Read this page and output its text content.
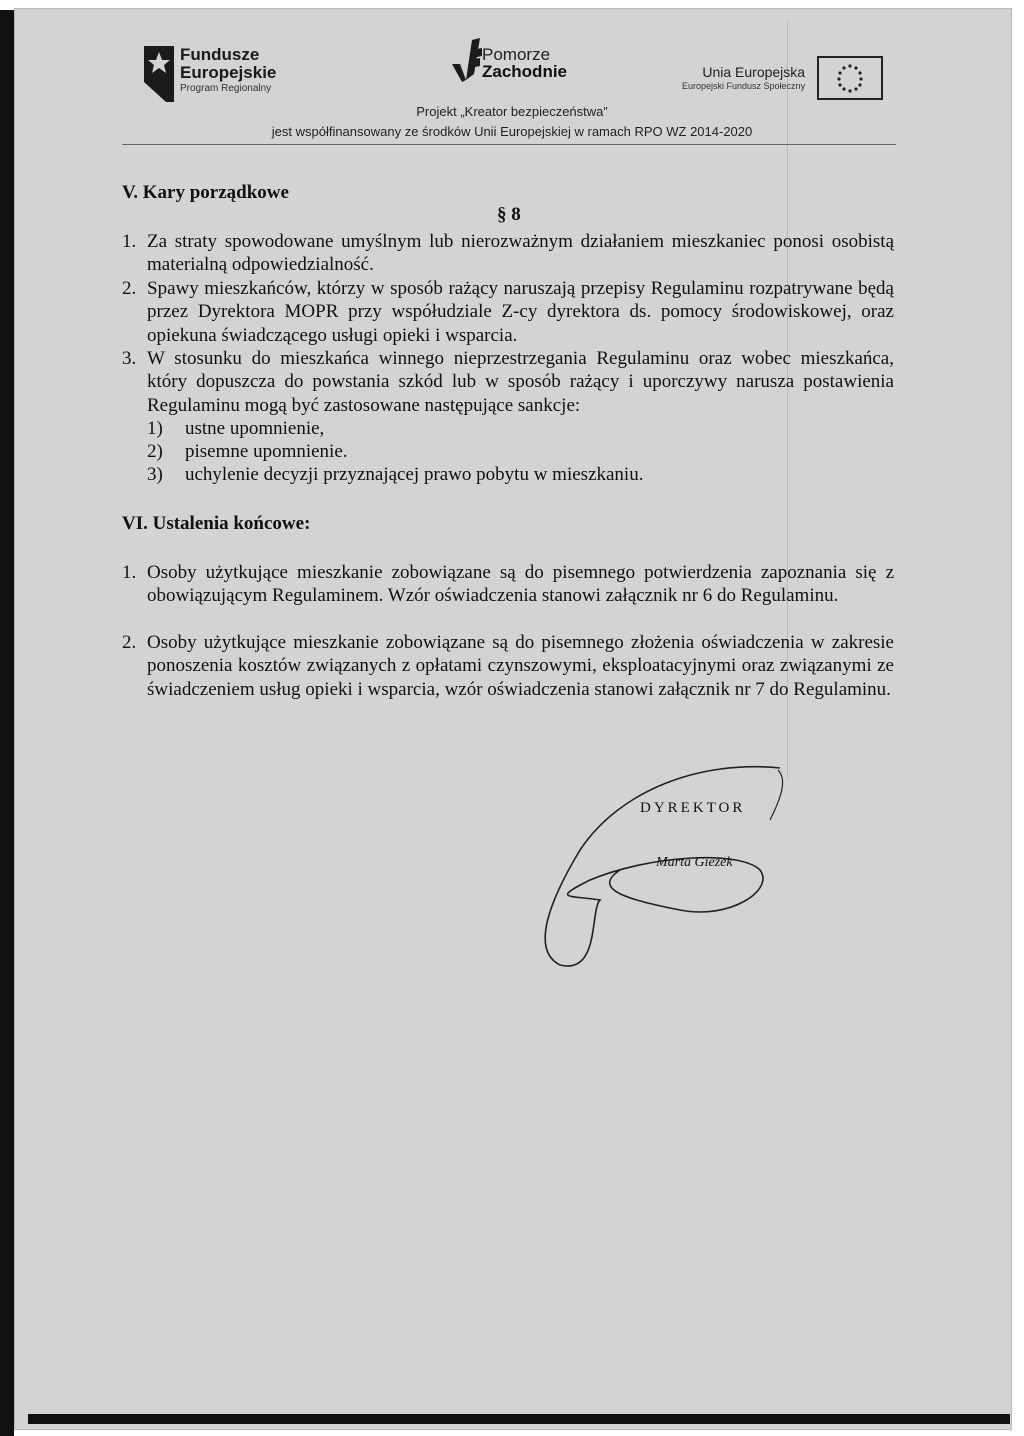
Fundusze
Europejskie
Program Regionalny
Pomorze
Zachodnie	Unia Europejska
Europejski Fundusz Społeczny
Projekt „Kreator bezpieczeństwa”
jest współfinansowany ze środków Unii Europejskiej w ramach RPO WZ 2014-2020
V. Kary porządkowe
§ 8
1. Za straty spowodowane umyślnym lub nierozważnym działaniem mieszkaniec ponosi osobistą materialną odpowiedzialność.
2. Spawy mieszkańców, którzy w sposób rażący naruszają przepisy Regulaminu rozpatrywane będą przez Dyrektora MOPR przy współudziale Z-cy dyrektora ds. pomocy środowiskowej, oraz opiekuna świadczącego usługi opieki i wsparcia.
3. W stosunku do mieszkańca winnego nieprzestrzegania Regulaminu oraz wobec mieszkańca, który dopuszcza do powstania szkód lub w sposób rażący i uporczywy narusza postawienia Regulaminu mogą być zastosowane następujące sankcje:
1) ustne upomnienie,
2) pisemne upomnienie.
3) uchylenie decyzji przyznającej prawo pobytu w mieszkaniu.
VI. Ustalenia końcowe:
1. Osoby użytkujące mieszkanie zobowiązane są do pisemnego potwierdzenia zapoznania się z obowiązującym Regulaminem. Wzór oświadczenia stanowi załącznik nr 6 do Regulaminu.
2. Osoby użytkujące mieszkanie zobowiązane są do pisemnego złożenia oświadczenia w zakresie ponoszenia kosztów związanych z opłatami czynszowymi, eksploatacyjnymi oraz związanymi ze świadczeniem usług opieki i wsparcia, wzór oświadczenia stanowi załącznik nr 7 do Regulaminu.
DYREKTOR
Marta Giezek
